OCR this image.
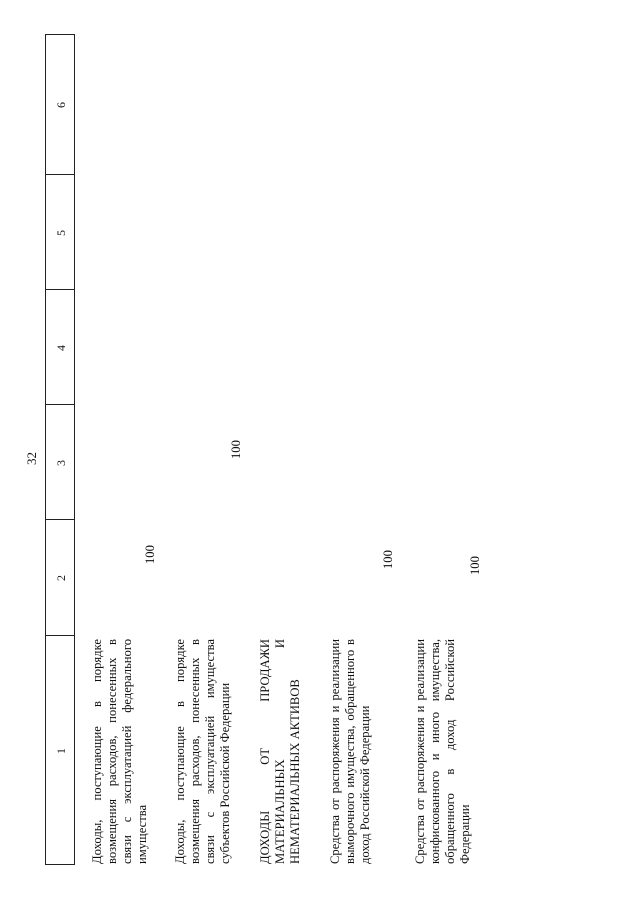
32
1
2
3
4
5
6
Доходы, поступающие в порядке возмещения расходов, понесенных в связи с эксплуатацией федерального имущества
100
Доходы, поступающие в порядке возмещения расходов, понесенных в связи с эксплуатацией имущества субъектов Российской Федерации
100
ДОХОДЫ ОТ ПРОДАЖИ МАТЕРИАЛЬНЫХ И НЕМАТЕРИАЛЬНЫХ АКТИВОВ Средства от распоряжения и реализации выморочного имущества, обращенного в доход Российской Федерации
100
Средства от распоряжения и реализации конфискованного и иного имущества, обращенного в доход Российской Федерации
100
